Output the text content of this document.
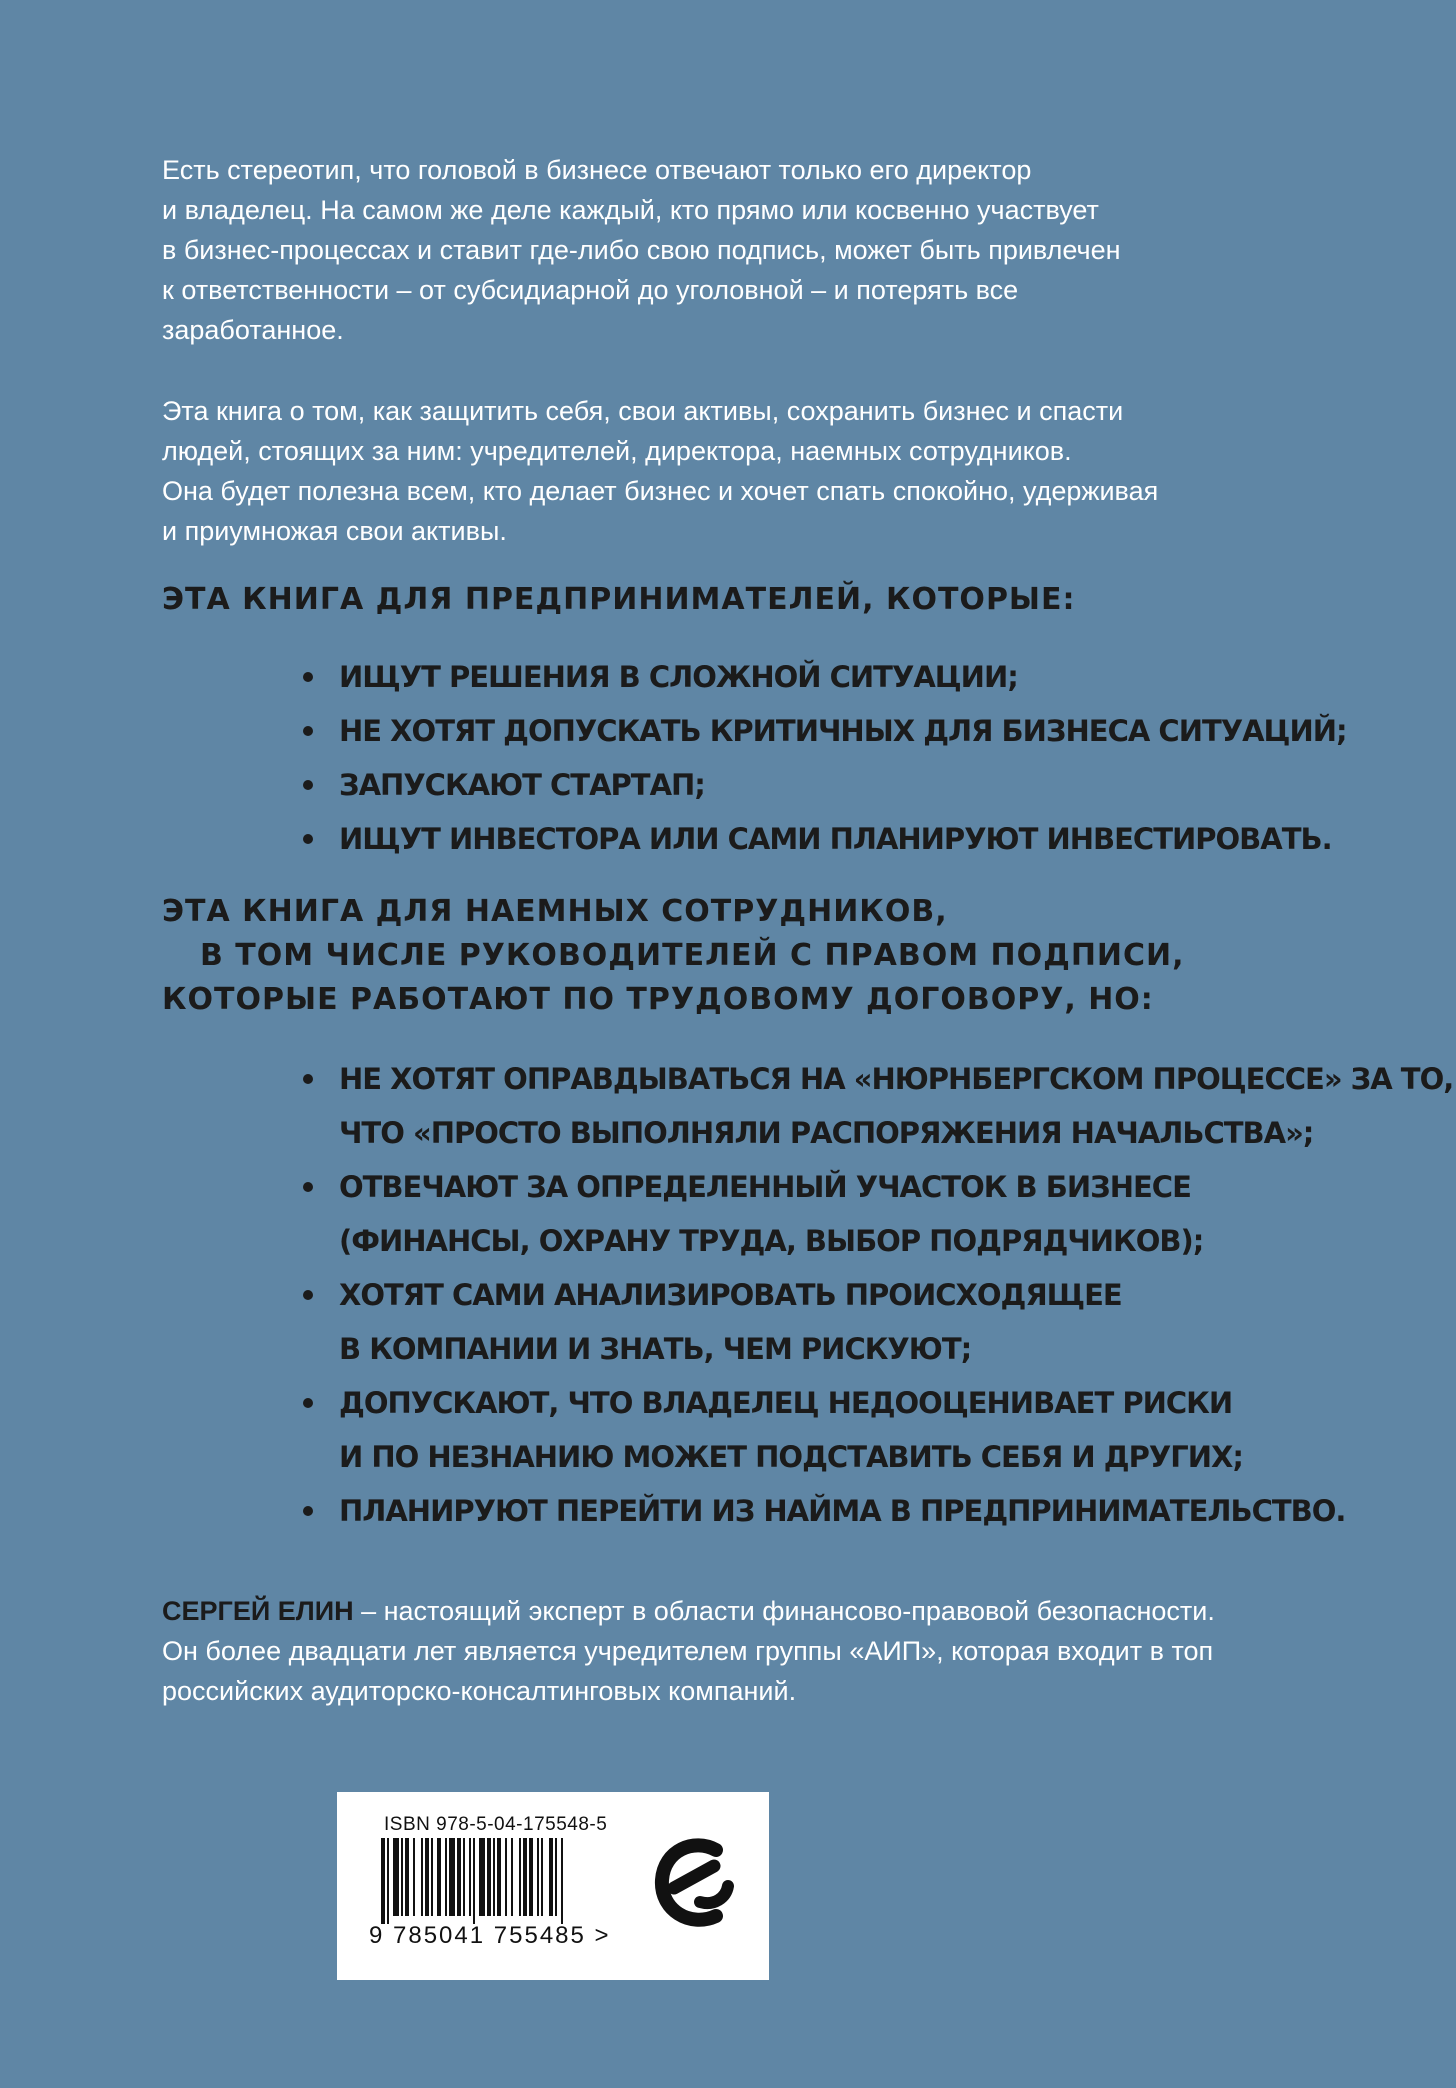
Есть стереотип, что головой в бизнесе отвечают только его директор
и владелец. На самом же деле каждый, кто прямо или косвенно участвует
в бизнес-процессах и ставит где-либо свою подпись, может быть привлечен
к ответственности – от субсидиарной до уголовной – и потерять все
заработанное.
Эта книга о том, как защитить себя, свои активы, сохранить бизнес и спасти
людей, стоящих за ним: учредителей, директора, наемных сотрудников.
Она будет полезна всем, кто делает бизнес и хочет спать спокойно, удерживая
и приумножая свои активы.
ЭТА КНИГА ДЛЯ ПРЕДПРИНИМАТЕЛЕЙ, КОТОРЫЕ:
ИЩУТ РЕШЕНИЯ В СЛОЖНОЙ СИТУАЦИИ;
НЕ ХОТЯТ ДОПУСКАТЬ КРИТИЧНЫХ ДЛЯ БИЗНЕСА СИТУАЦИЙ;
ЗАПУСКАЮТ СТАРТАП;
ИЩУТ ИНВЕСТОРА ИЛИ САМИ ПЛАНИРУЮТ ИНВЕСТИРОВАТЬ.
ЭТА КНИГА ДЛЯ НАЕМНЫХ СОТРУДНИКОВ,
В ТОМ ЧИСЛЕ РУКОВОДИТЕЛЕЙ С ПРАВОМ ПОДПИСИ,
КОТОРЫЕ РАБОТАЮТ ПО ТРУДОВОМУ ДОГОВОРУ, НО:
НЕ ХОТЯТ ОПРАВДЫВАТЬСЯ НА «НЮРНБЕРГСКОМ ПРОЦЕССЕ» ЗА ТО,
ЧТО «ПРОСТО ВЫПОЛНЯЛИ РАСПОРЯЖЕНИЯ НАЧАЛЬСТВА»;
ОТВЕЧАЮТ ЗА ОПРЕДЕЛЕННЫЙ УЧАСТОК В БИЗНЕСЕ
(ФИНАНСЫ, ОХРАНУ ТРУДА, ВЫБОР ПОДРЯДЧИКОВ);
ХОТЯТ САМИ АНАЛИЗИРОВАТЬ ПРОИСХОДЯЩЕЕ
В КОМПАНИИ И ЗНАТЬ, ЧЕМ РИСКУЮТ;
ДОПУСКАЮТ, ЧТО ВЛАДЕЛЕЦ НЕДООЦЕНИВАЕТ РИСКИ
И ПО НЕЗНАНИЮ МОЖЕТ ПОДСТАВИТЬ СЕБЯ И ДРУГИХ;
ПЛАНИРУЮТ ПЕРЕЙТИ ИЗ НАЙМА В ПРЕДПРИНИМАТЕЛЬСТВО.
СЕРГЕЙ ЕЛИН – настоящий эксперт в области финансово-правовой безопасности.
Он более двадцати лет является учредителем группы «АИП», которая входит в топ
российских аудиторско-консалтинговых компаний.
ISBN 978-5-04-175548-5
9 785041 755485 >
